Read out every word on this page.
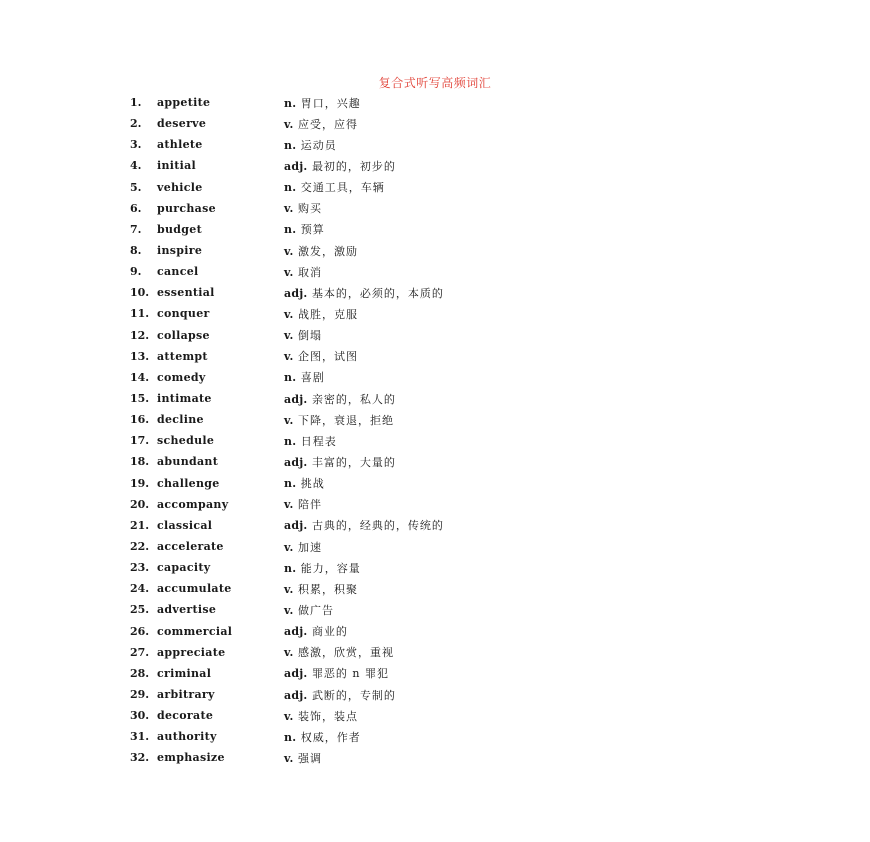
复合式听写高频词汇
1.	appetite	n. 胃口，兴趣
2.	deserve	v. 应受，应得
3.	athlete	n. 运动员
4.	initial	adj. 最初的，初步的
5.	vehicle	n. 交通工具，车辆
6.	purchase	v. 购买
7.	budget	n. 预算
8.	inspire	v. 激发，激励
9.	cancel	v. 取消
10. essential	adj. 基本的，必须的，本质的
11. conquer	v. 战胜，克服
12. collapse	v. 倒塌
13. attempt	v. 企图，试图
14. comedy	n. 喜剧
15. intimate	adj. 亲密的，私人的
16. decline	v. 下降，衰退，拒绝
17. schedule	n. 日程表
18. abundant	adj. 丰富的，大量的
19. challenge	n. 挑战
20. accompany	v. 陪伴
21. classical	adj. 古典的，经典的，传统的
22. accelerate	v. 加速
23. capacity	n. 能力，容量
24. accumulate	v. 积累，积聚
25. advertise	v. 做广告
26. commercial	adj. 商业的
27. appreciate	v. 感激，欣赏，重视
28. criminal	adj. 罪恶的 n 罪犯
29. arbitrary	adj. 武断的，专制的
30. decorate	v. 装饰，装点
31. authority	n. 权威，作者
32. emphasize	v. 强调
